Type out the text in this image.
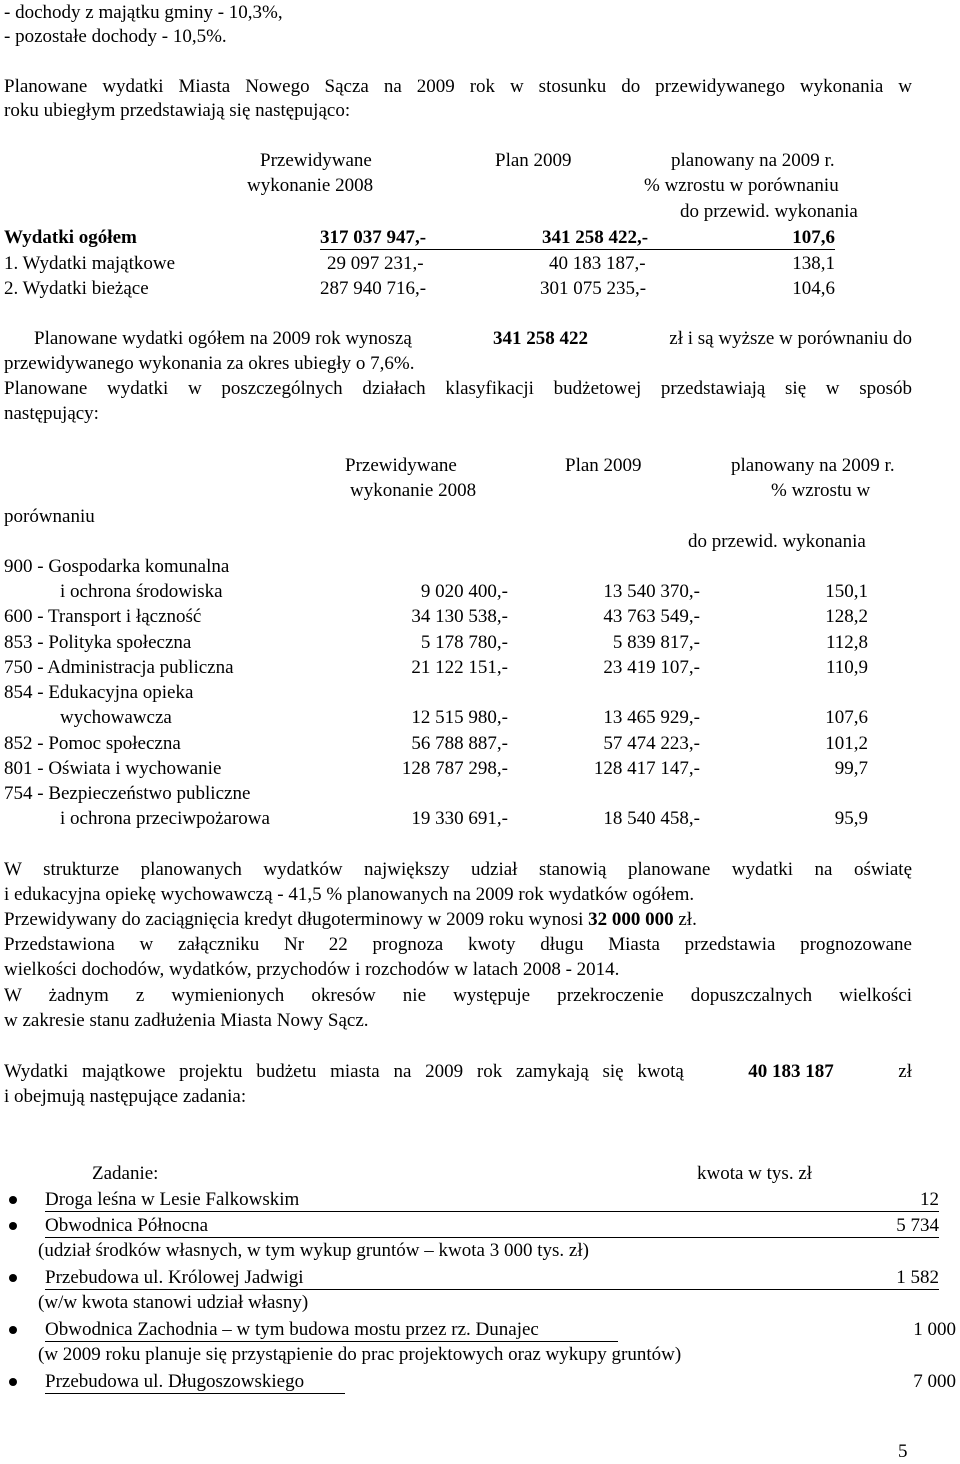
- dochody z majątku gminy - 10,3%,
- pozostałe dochody - 10,5%.
Planowane wydatki Miasta Nowego Sącza na 2009 rok w stosunku do przewidywanego wykonania w
roku ubiegłym przedstawiają się następująco:
Przewidywane
wykonanie 2008
Plan 2009	planowany na 2009 r.
% wzrostu w porównaniu
do przewid. wykonania
Wydatki ogółem	317 037 947,-	341 258 422,-	107,6
1. Wydatki majątkowe	29 097 231,-	40 183 187,-	138,1
2. Wydatki bieżące	287 940 716,-	301 075 235,-	104,6
Planowane wydatki ogółem na 2009 rok wynoszą	341 258 422	zł i są wyższe w porównaniu do
przewidywanego wykonania za okres ubiegły o 7,6%.
Planowane wydatki w poszczególnych działach klasyfikacji budżetowej przedstawiają się w sposób
następujący:
Przewidywane
wykonanie 2008
Plan 2009	planowany na 2009 r.
% wzrostu w
porównaniu
do przewid. wykonania
900 - Gospodarka komunalna
i ochrona środowiska	9 020 400,-	13 540 370,-	150,1
600 - Transport i łączność	34 130 538,-	43 763 549,-	128,2
853 - Polityka społeczna	5 178 780,-	5 839 817,-	112,8
750 - Administracja publiczna	21 122 151,-	23 419 107,-	110,9
854 - Edukacyjna opieka
wychowawcza	12 515 980,-	13 465 929,-	107,6
852 - Pomoc społeczna	56 788 887,-	57 474 223,-	101,2
801 - Oświata i wychowanie	128 787 298,-	128 417 147,-	99,7
754 - Bezpieczeństwo publiczne
i ochrona przeciwpożarowa	19 330 691,-	18 540 458,-	95,9
W strukturze planowanych wydatków największy udział stanowią planowane wydatki na oświatę
i edukacyjna opiekę wychowawczą - 41,5 % planowanych na 2009 rok wydatków ogółem.
Przewidywany do zaciągnięcia kredyt długoterminowy w 2009 roku wynosi 32 000 000 zł.
Przedstawiona w załączniku Nr 22 prognoza kwoty długu Miasta przedstawia prognozowane
wielkości dochodów, wydatków, przychodów i rozchodów w latach 2008 - 2014.
W żadnym z wymienionych okresów nie występuje przekroczenie dopuszczalnych wielkości
w zakresie stanu zadłużenia Miasta Nowy Sącz.
Wydatki majątkowe projektu budżetu miasta na 2009 rok zamykają się kwotą	40 183 187	zł
i obejmują następujące zadania:
Zadanie:	kwota w tys. zł
Droga leśna w Lesie Falkowskim	12
Obwodnica Północna	5 734
(udział środków własnych, w tym wykup gruntów – kwota 3 000 tys. zł)
Przebudowa ul. Królowej Jadwigi	1 582
(w/w kwota stanowi udział własny)
Obwodnica Zachodnia – w tym budowa mostu przez rz. Dunajec	1 000
(w 2009 roku planuje się przystąpienie do prac projektowych oraz wykupy gruntów)
Przebudowa ul. Długoszowskiego	7 000
5
